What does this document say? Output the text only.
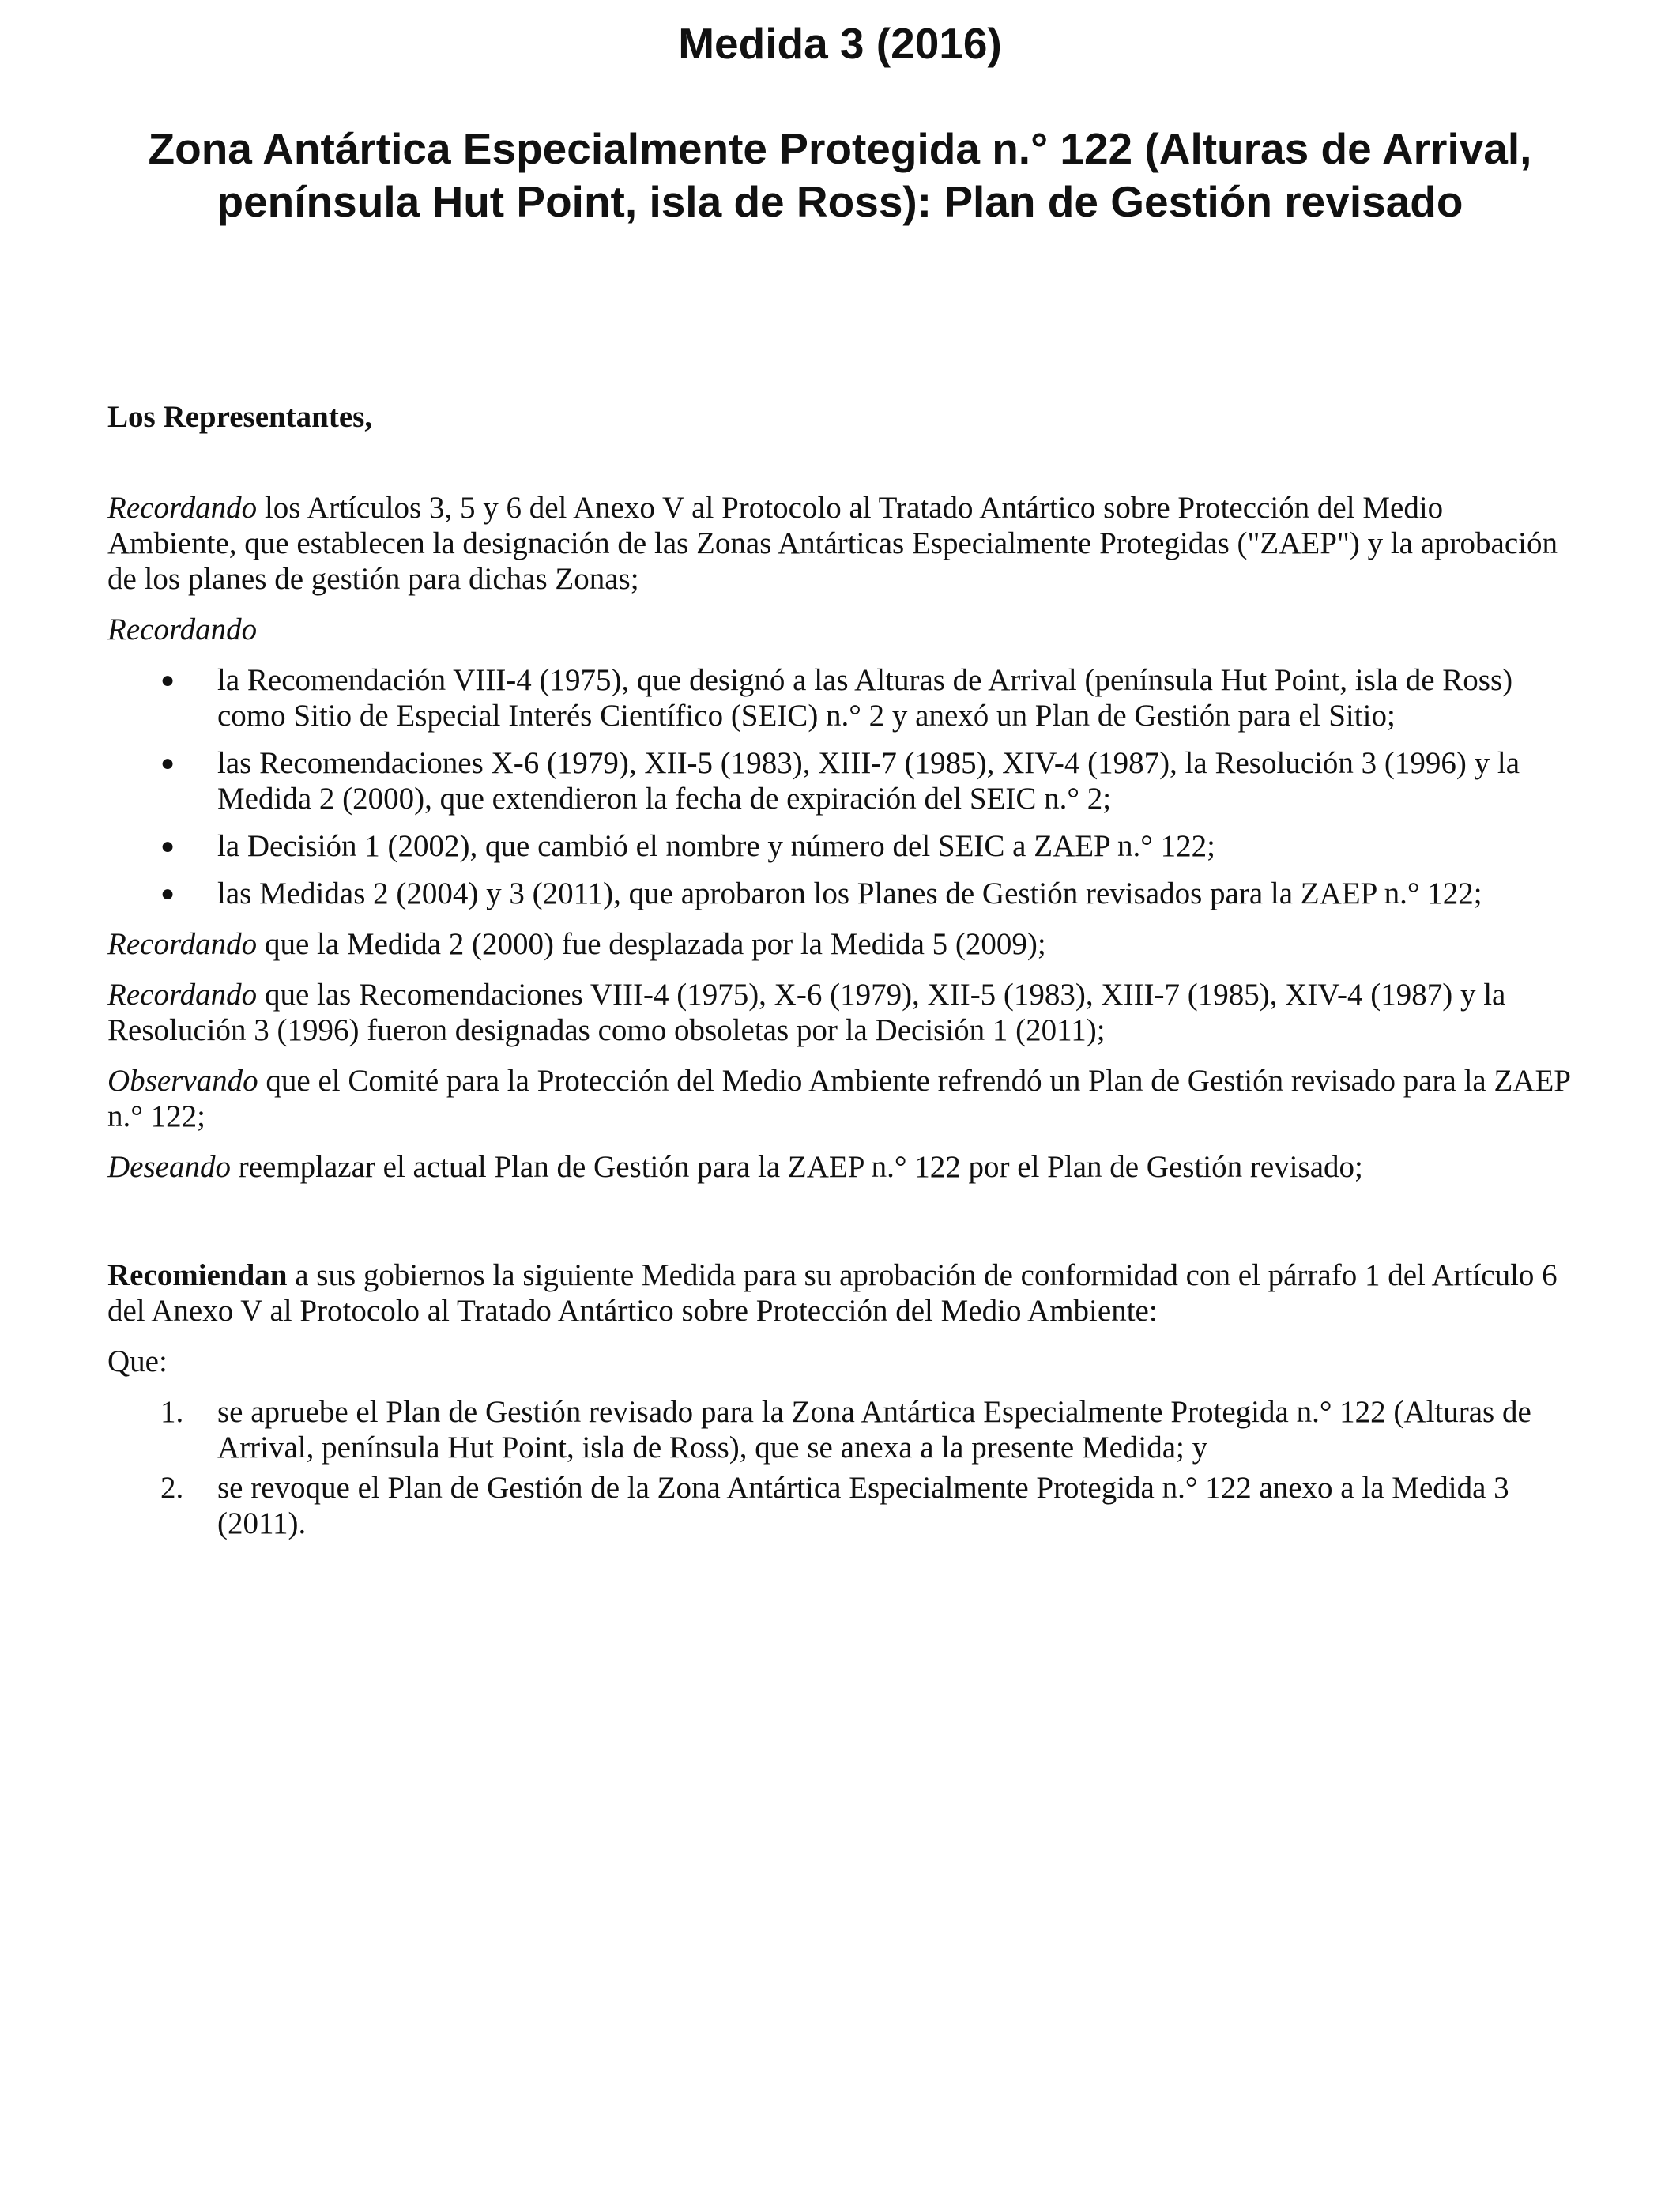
Medida 3 (2016)
Zona Antártica Especialmente Protegida n.° 122 (Alturas de Arrival, península Hut Point, isla de Ross): Plan de Gestión revisado

Los Representantes,

Recordando los Artículos 3, 5 y 6 del Anexo V al Protocolo al Tratado Antártico sobre Protección del Medio Ambiente, que establecen la designación de las Zonas Antárticas Especialmente Protegidas ("ZAEP") y la aprobación de los planes de gestión para dichas Zonas;

Recordando

● la Recomendación VIII-4 (1975), que designó a las Alturas de Arrival (península Hut Point, isla de Ross) como Sitio de Especial Interés Científico (SEIC) n.° 2 y anexó un Plan de Gestión para el Sitio;
● las Recomendaciones X-6 (1979), XII-5 (1983), XIII-7 (1985), XIV-4 (1987), la Resolución 3 (1996) y la Medida 2 (2000), que extendieron la fecha de expiración del SEIC n.° 2;
● la Decisión 1 (2002), que cambió el nombre y número del SEIC a ZAEP n.° 122;
● las Medidas 2 (2004) y 3 (2011), que aprobaron los Planes de Gestión revisados para la ZAEP n.° 122;

Recordando que la Medida 2 (2000) fue desplazada por la Medida 5 (2009);

Recordando que las Recomendaciones VIII-4 (1975), X-6 (1979), XII-5 (1983), XIII-7 (1985), XIV-4 (1987) y la Resolución 3 (1996) fueron designadas como obsoletas por la Decisión 1 (2011);

Observando que el Comité para la Protección del Medio Ambiente refrendó un Plan de Gestión revisado para la ZAEP n.° 122;

Deseando reemplazar el actual Plan de Gestión para la ZAEP n.° 122 por el Plan de Gestión revisado;

Recomiendan a sus gobiernos la siguiente Medida para su aprobación de conformidad con el párrafo 1 del Artículo 6 del Anexo V al Protocolo al Tratado Antártico sobre Protección del Medio Ambiente:

Que:

1. se apruebe el Plan de Gestión revisado para la Zona Antártica Especialmente Protegida n.° 122 (Alturas de Arrival, península Hut Point, isla de Ross), que se anexa a la presente Medida; y
2. se revoque el Plan de Gestión de la Zona Antártica Especialmente Protegida n.° 122 anexo a la Medida 3 (2011).
